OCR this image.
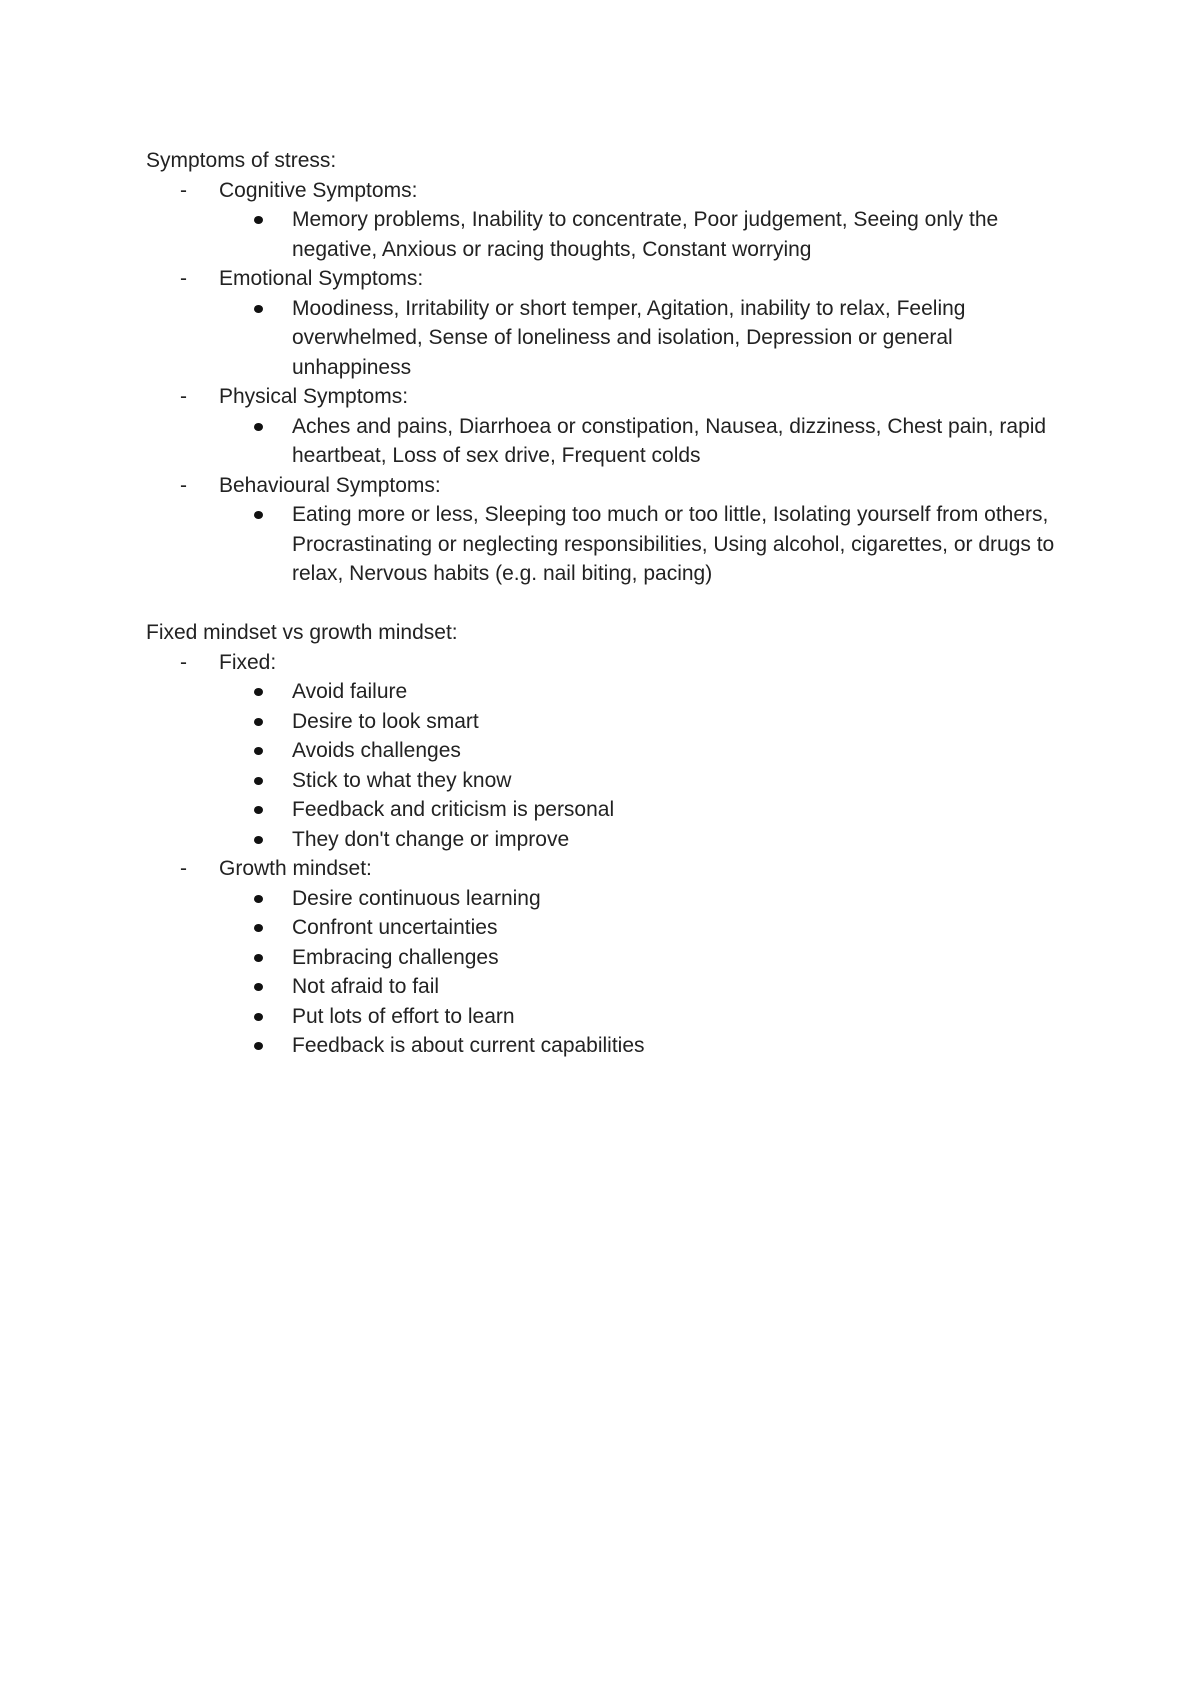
Symptoms of stress:

- Cognitive Symptoms:
Memory problems, Inability to concentrate, Poor judgement, Seeing only the negative, Anxious or racing thoughts, Constant worrying
- Emotional Symptoms:
Moodiness, Irritability or short temper, Agitation, inability to relax, Feeling overwhelmed, Sense of loneliness and isolation, Depression or general unhappiness
- Physical Symptoms:
Aches and pains, Diarrhoea or constipation, Nausea, dizziness, Chest pain, rapid heartbeat, Loss of sex drive, Frequent colds
- Behavioural Symptoms:
Eating more or less, Sleeping too much or too little, Isolating yourself from others, Procrastinating or neglecting responsibilities, Using alcohol, cigarettes, or drugs to relax, Nervous habits (e.g. nail biting, pacing)

Fixed mindset vs growth mindset:

- Fixed:
Avoid failure
Desire to look smart
Avoids challenges
Stick to what they know
Feedback and criticism is personal
They don't change or improve
- Growth mindset:
Desire continuous learning
Confront uncertainties
Embracing challenges
Not afraid to fail
Put lots of effort to learn
Feedback is about current capabilities
